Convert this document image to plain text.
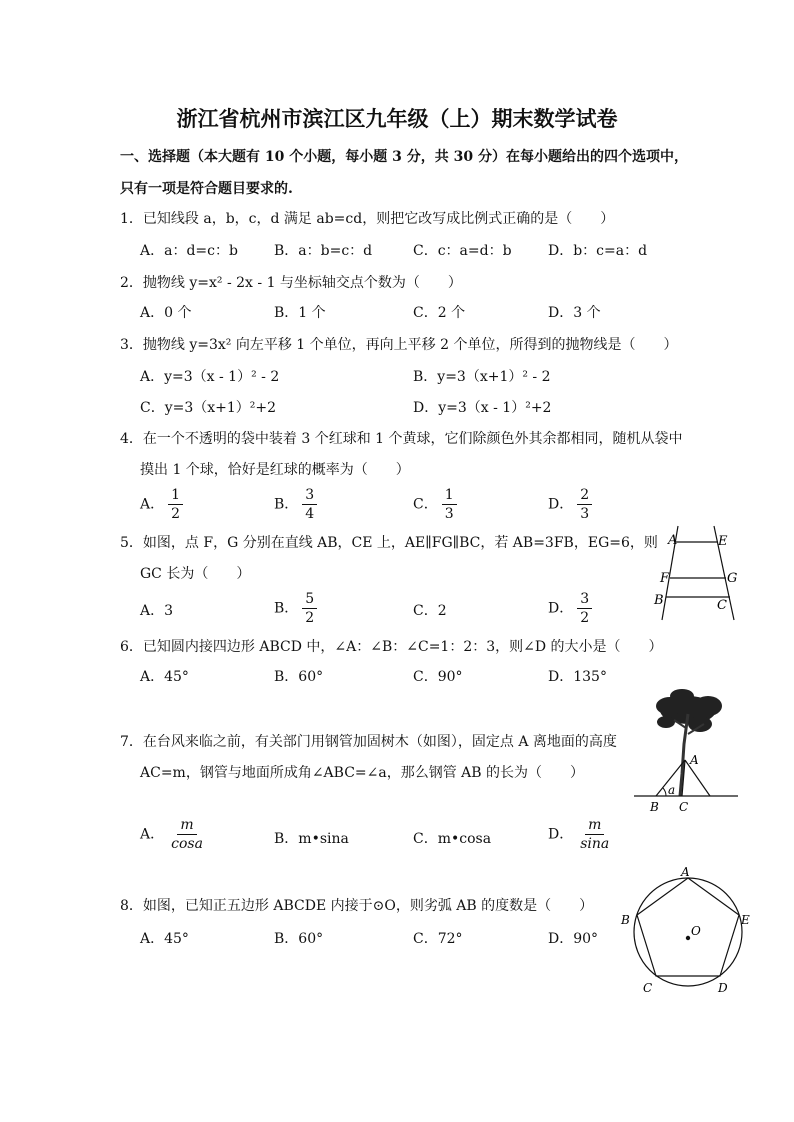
浙江省杭州市滨江区九年级（上）期末数学试卷
一、选择题（本大题有 10 个小题，每小题 3 分，共 30 分）在每小题给出的四个选项中，
只有一项是符合题目要求的.
1．已知线段 a，b，c，d 满足 ab=cd，则把它改写成比例式正确的是（　　）
A．a：d=c：b	B．a：b=c：d	C．c：a=d：b	D．b：c=a：d
2．抛物线 y=x² - 2x - 1 与坐标轴交点个数为（　　）
A．0 个	B．1 个	C．2 个	D．3 个
3．抛物线 y=3x² 向左平移 1 个单位，再向上平移 2 个单位，所得到的抛物线是（　　）
A．y=3（x - 1）² - 2	B．y=3（x+1）² - 2
C．y=3（x+1）²+2	D．y=3（x - 1）²+2
4．在一个不透明的袋中装着 3 个红球和 1 个黄球，它们除颜色外其余都相同，随机从袋中
摸出 1 个球，恰好是红球的概率为（　　）
A． $\frac{1}{2}$	B． $\frac{3}{4}$	C． $\frac{1}{3}$	D． $\frac{2}{3}$
5．如图，点 F，G 分别在直线 AB，CE 上，AE∥FG∥BC，若 AB=3FB，EG=6，则
GC 长为（　　）
A．3	B． $\frac{5}{2}$	C．2	D． $\frac{3}{2}$
A	E
F	G
B	C
6．已知圆内接四边形 ABCD 中，∠A：∠B：∠C=1：2：3，则∠D 的大小是（　　）
A．45°	B．60°	C．90°	D．135°
7．在台风来临之前，有关部门用钢管加固树木（如图），固定点 A 离地面的高度
AC=m，钢管与地面所成角∠ABC=∠a，那么钢管 AB 的长为（　　）
A． $\frac{m}{\cos a}$	B．m•sina	C．m•cosa	D． $\frac{m}{\sin a}$
A
a
B C
8．如图，已知正五边形 ABCDE 内接于⊙O，则劣弧 AB 的度数是（　　）
A．45°	B．60°	C．72°	D．90°
A
B	E
O
C	D
